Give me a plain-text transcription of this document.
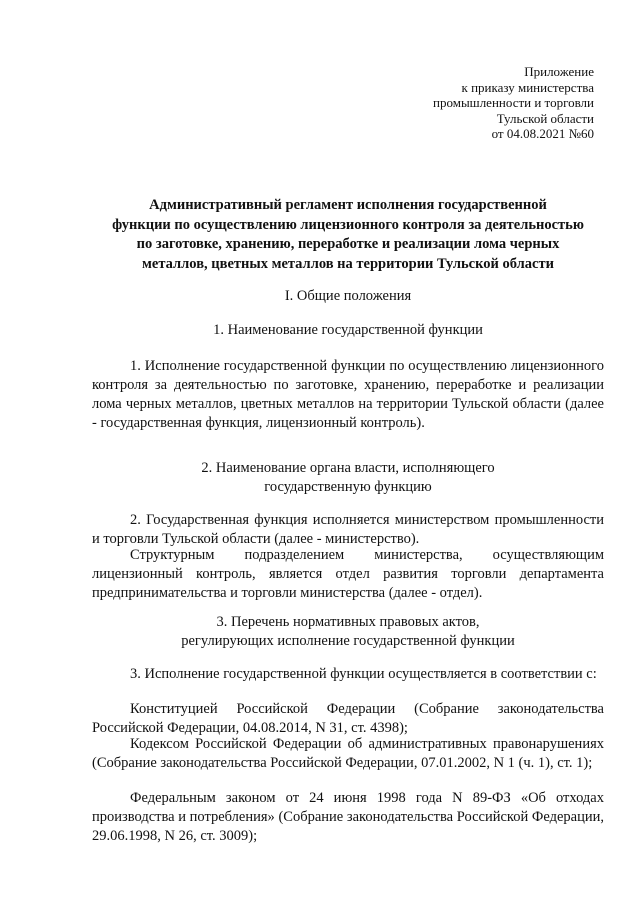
Приложение
к приказу министерства
промышленности и торговли
Тульской области
от 04.08.2021 №60
Административный регламент исполнения государственной
функции по осуществлению лицензионного контроля за деятельностью
по заготовке, хранению, переработке и реализации лома черных
металлов, цветных металлов на территории Тульской области
I. Общие положения
1. Наименование государственной функции
1. Исполнение государственной функции по осуществлению лицензионного контроля за деятельностью по заготовке, хранению, переработке и реализации лома черных металлов, цветных металлов на территории Тульской области (далее - государственная функция, лицензионный контроль).
2. Наименование органа власти, исполняющего
государственную функцию
2. Государственная функция исполняется министерством промышленности и торговли Тульской области (далее - министерство).
Структурным подразделением министерства, осуществляющим лицензионный контроль, является отдел развития торговли департамента предпринимательства и торговли министерства (далее - отдел).
3. Перечень нормативных правовых актов,
регулирующих исполнение государственной функции
3. Исполнение государственной функции осуществляется в соответствии с:
Конституцией Российской Федерации (Собрание законодательства Российской Федерации, 04.08.2014, N 31, ст. 4398);
Кодексом Российской Федерации об административных правонарушениях (Собрание законодательства Российской Федерации, 07.01.2002, N 1 (ч. 1), ст. 1);
Федеральным законом от 24 июня 1998 года N 89-ФЗ «Об отходах производства и потребления» (Собрание законодательства Российской Федерации, 29.06.1998, N 26, ст. 3009);
